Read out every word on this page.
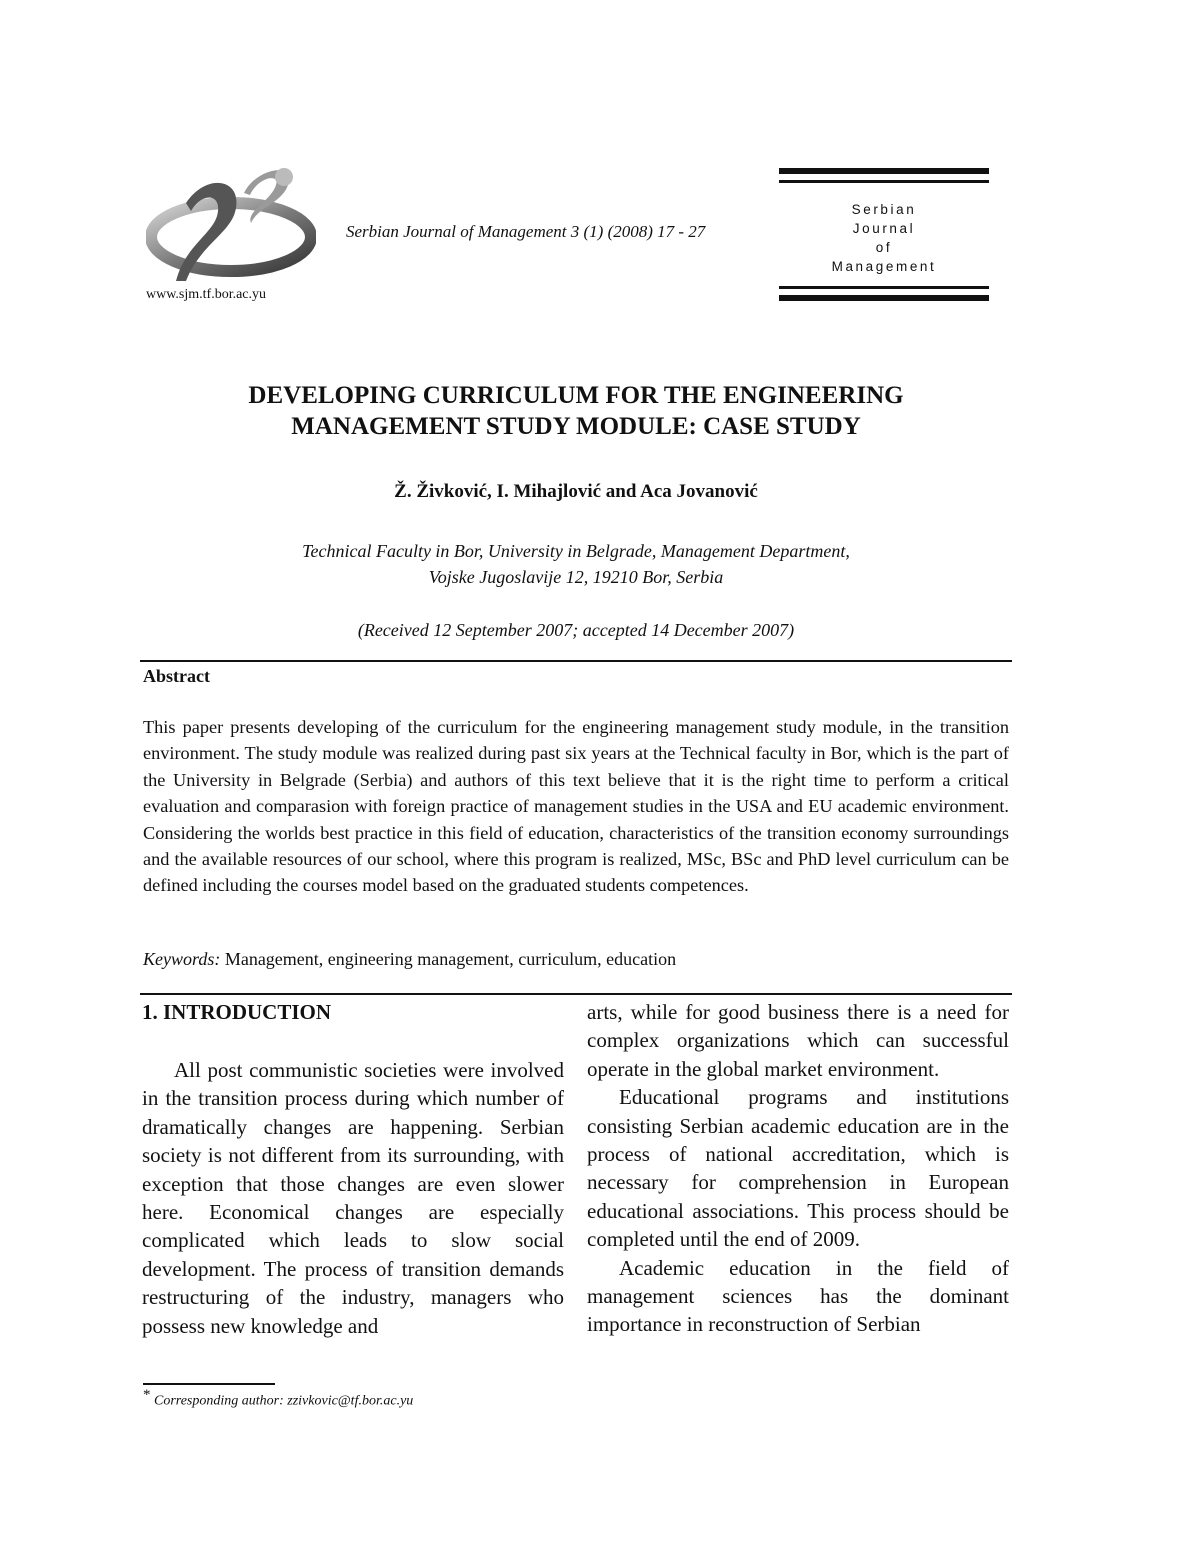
www.sjm.tf.bor.ac.yu
Serbian Journal of Management 3 (1) (2008) 17 - 27
Serbian
Journal
of
Management
DEVELOPING CURRICULUM FOR THE ENGINEERING
MANAGEMENT STUDY MODULE: CASE STUDY
Ž. Živković, I. Mihajlović and Aca Jovanović
Technical Faculty in Bor, University in Belgrade, Management Department,
Vojske Jugoslavije 12, 19210 Bor, Serbia
(Received 12 September 2007; accepted 14 December 2007)
Abstract

This paper presents developing of the curriculum for the engineering management study module, in the transition environment. The study module was realized during past six years at the Technical faculty in Bor, which is the part of the University in Belgrade (Serbia) and authors of this text believe that it is the right time to perform a critical evaluation and comparasion with foreign practice of management studies in the USA and EU academic environment. Considering the worlds best practice in this field of education, characteristics of the transition economy surroundings and the available resources of our school, where this program is realized, MSc, BSc and PhD level curriculum can be defined including the courses model based on the graduated students competences.

Keywords: Management, engineering management, curriculum, education
1. INTRODUCTION

All post communistic societies were involved in the transition process during which number of dramatically changes are happening. Serbian society is not different from its surrounding, with exception that those changes are even slower here. Economical changes are especially complicated which leads to slow social development. The process of transition demands restructuring of the industry, managers who possess new knowledge and

arts, while for good business there is a need for complex organizations which can successful operate in the global market environment.

Educational programs and institutions consisting Serbian academic education are in the process of national accreditation, which is necessary for comprehension in European educational associations. This process should be completed until the end of 2009.

Academic education in the field of management sciences has the dominant importance in reconstruction of Serbian

* Corresponding author: zzivkovic@tf.bor.ac.yu
